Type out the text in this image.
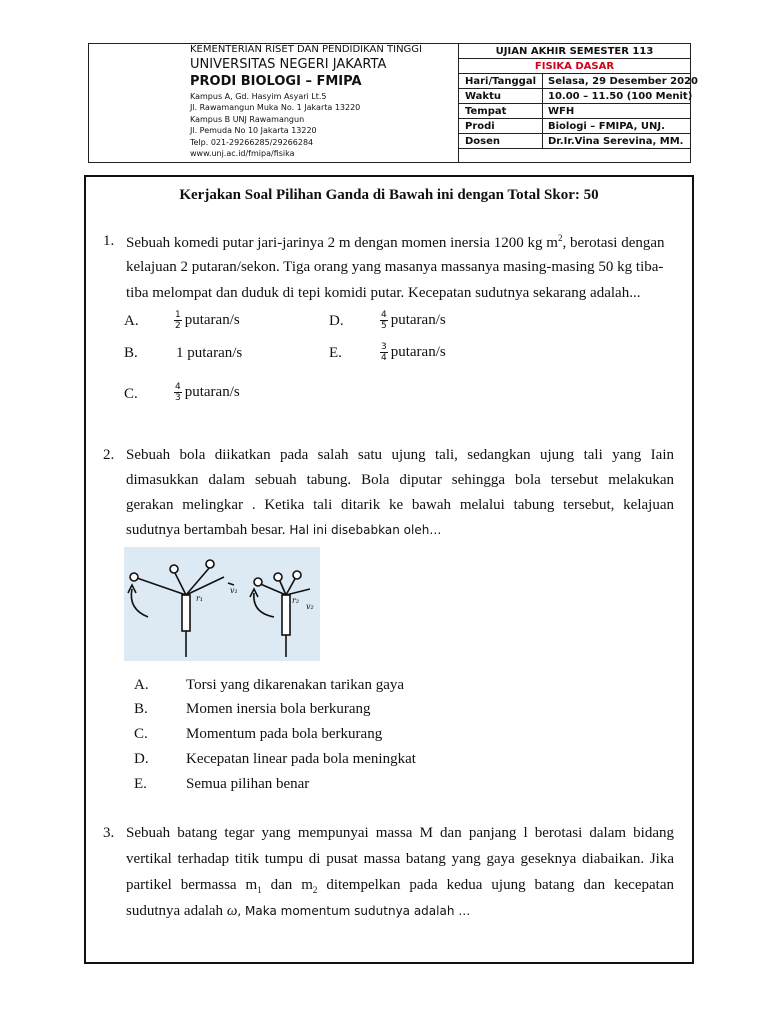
KEMENTERIAN RISET DAN PENDIDIKAN TINGGI
UNIVERSITAS NEGERI JAKARTA
PRODI BIOLOGI – FMIPA
Kampus A, Gd. Hasyim Asyari Lt.5
Jl. Rawamangun Muka No. 1 Jakarta 13220
Kampus B UNJ Rawamangun
Jl. Pemuda No 10 Jakarta 13220
Telp. 021-29266285/29266284
www.unj.ac.id/fmipa/fisika
UJIAN AKHIR SEMESTER 113
FISIKA DASAR
Hari/Tanggal Selasa, 29 Desember 2020
Waktu	10.00 – 11.50 (100 Menit)
Tempat	WFH
Prodi	Biologi – FMIPA, UNJ.
Dosen	Dr.Ir.Vina Serevina, MM.
Kerjakan Soal Pilihan Ganda di Bawah ini dengan Total Skor: 50
1. Sebuah komedi putar jari-jarinya 2 m dengan momen inersia 1200 kg $m^2$, berotasi dengan
kelajuan 2 putaran/sekon. Tiga orang yang masanya massanya masing-masing 50 kg tiba-
tiba melompat dan duduk di tepi komidi putar. Kecepatan sudutnya sekarang adalah...
A.	$\frac{1}{2}$ putaran/s
B.	1 putaran/s
C.	$\frac{4}{3}$ putaran/s
D.	$\frac{4}{5}$ putaran/s
E.	$\frac{3}{4}$ putaran/s
2. Sebuah bola diikatkan pada salah satu ujung tali, sedangkan ujung tali yang Iain
dimasukkan dalam sebuah tabung. Bola diputar sehingga bola tersebut melakukan
gerakan melingkar . Ketika tali ditarik ke bawah melalui tabung tersebut, kelajuan
sudutnya bertambah besar. Hal ini disebabkan oleh…
r₁
v₁
r₂
v₂
A. Torsi yang dikarenakan tarikan gaya
B.	Momen inersia bola berkurang
C.	Momentum pada bola berkurang
D. Kecepatan linear pada bola meningkat
E.	Semua pilihan benar
3. Sebuah batang tegar yang mempunyai massa M dan panjang l berotasi dalam bidang
vertikal terhadap titik tumpu di pusat massa batang yang gaya geseknya diabaikan. Jika
partikel bermassa $m_1$ dan $m_2$ ditempelkan pada kedua ujung batang dan kecepatan
sudutnya adalah ω, Maka momentum sudutnya adalah …
